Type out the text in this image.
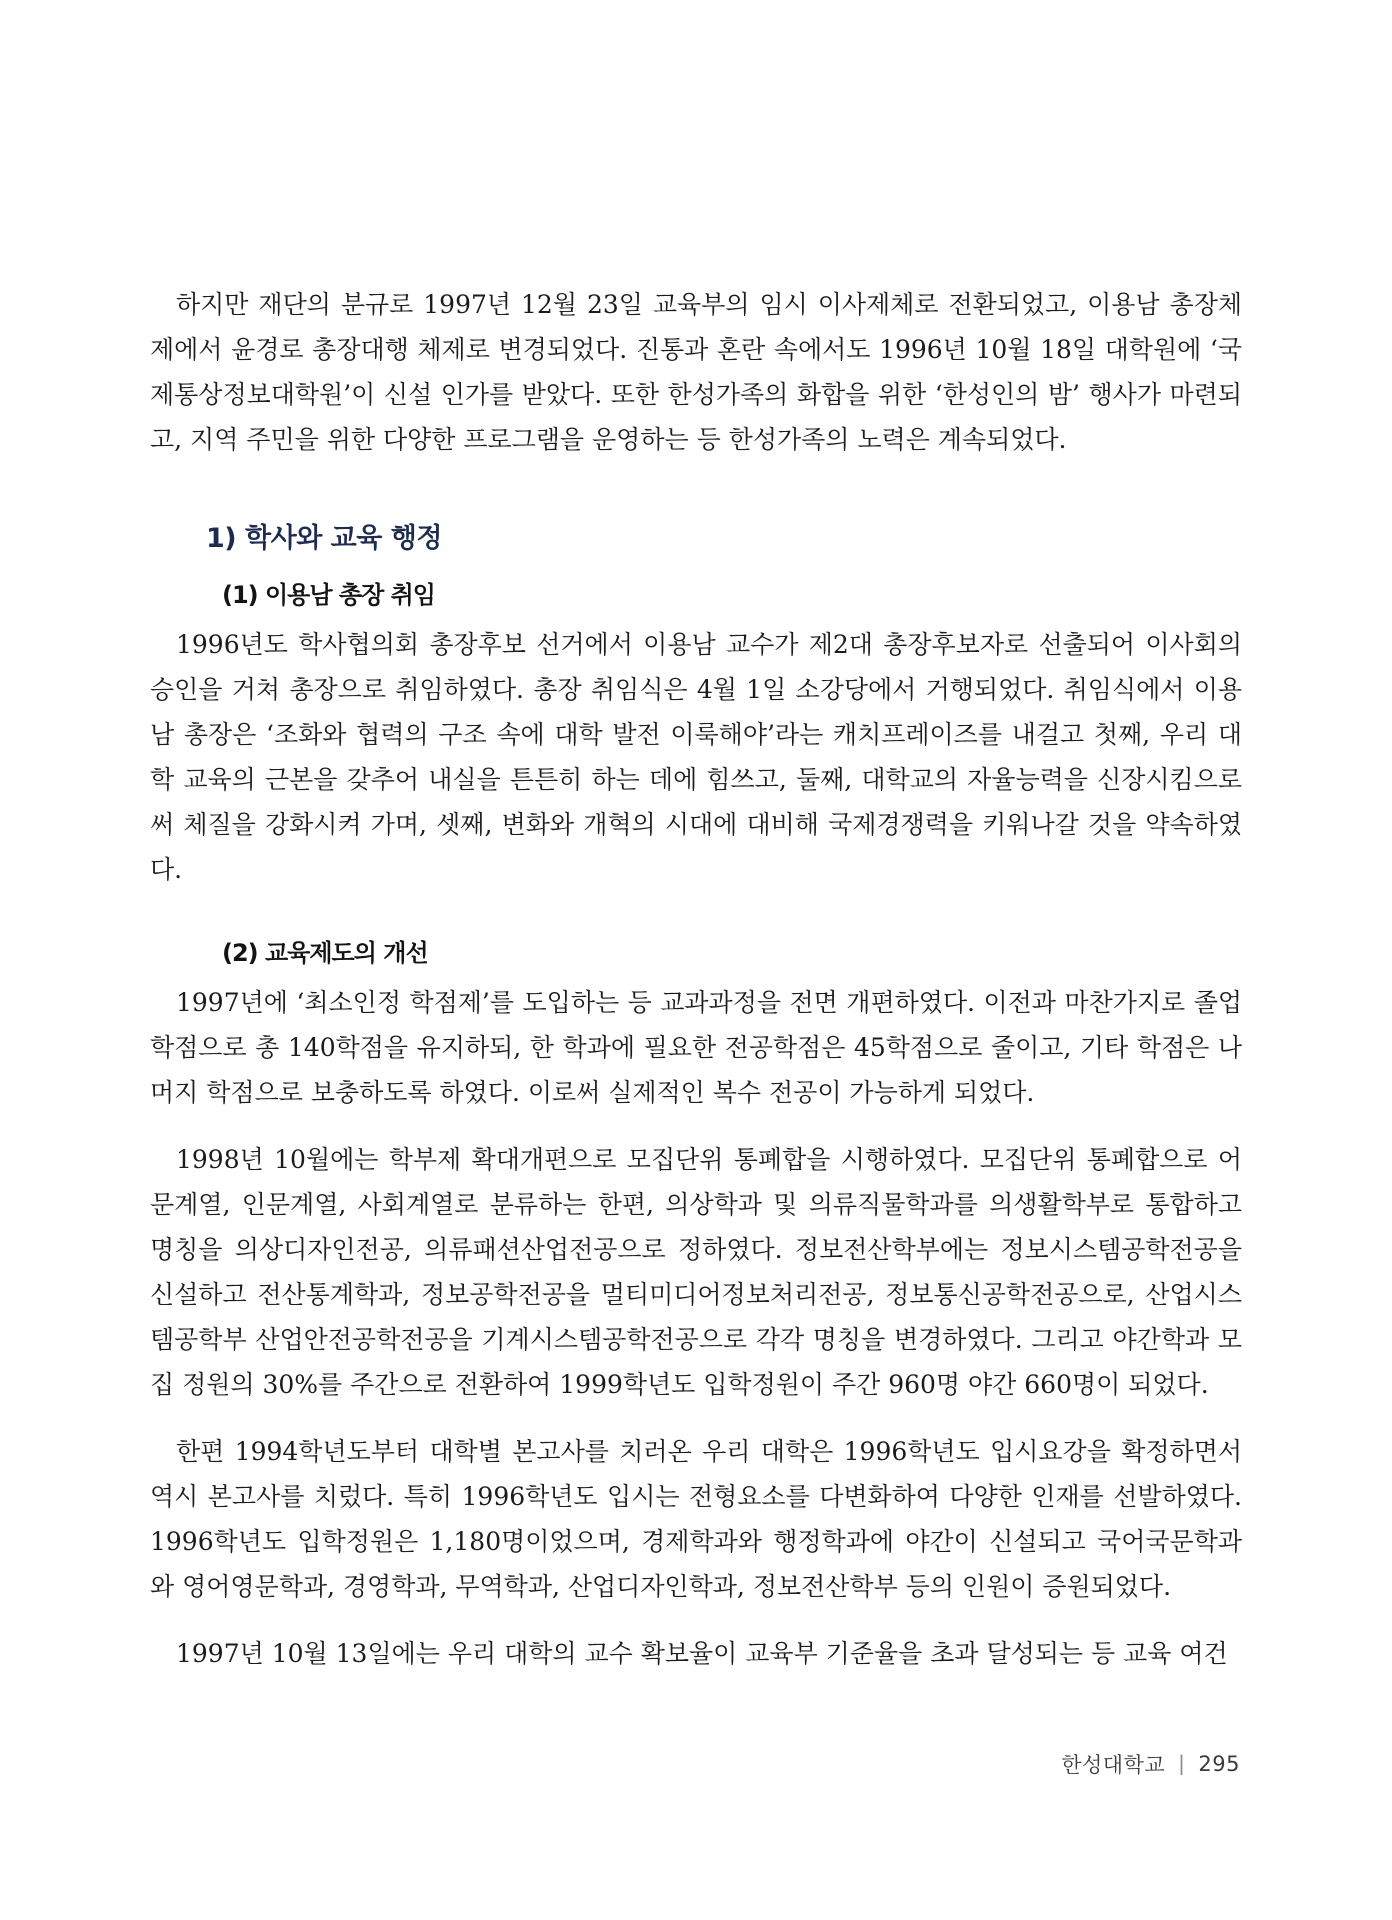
하지만 재단의 분규로 1997년 12월 23일 교육부의 임시 이사제체로 전환되었고, 이용남 총장체제에서 윤경로 총장대행 체제로 변경되었다. 진통과 혼란 속에서도 1996년 10월 18일 대학원에 ‘국제통상정보대학원’이 신설 인가를 받았다. 또한 한성가족의 화합을 위한 ‘한성인의 밤’ 행사가 마련되고, 지역 주민을 위한 다양한 프로그램을 운영하는 등 한성가족의 노력은 계속되었다.

1) 학사와 교육 행정
(1) 이용남 총장 취임

1996년도 학사협의회 총장후보 선거에서 이용남 교수가 제2대 총장후보자로 선출되어 이사회의 승인을 거쳐 총장으로 취임하였다. 총장 취임식은 4월 1일 소강당에서 거행되었다. 취임식에서 이용남 총장은 ‘조화와 협력의 구조 속에 대학 발전 이룩해야’라는 캐치프레이즈를 내걸고 첫째, 우리 대학 교육의 근본을 갖추어 내실을 튼튼히 하는 데에 힘쓰고, 둘째, 대학교의 자율능력을 신장시킴으로써 체질을 강화시켜 가며, 셋째, 변화와 개혁의 시대에 대비해 국제경쟁력을 키워나갈 것을 약속하였다.

(2) 교육제도의 개선

1997년에 ‘최소인정 학점제’를 도입하는 등 교과과정을 전면 개편하였다. 이전과 마찬가지로 졸업 학점으로 총 140학점을 유지하되, 한 학과에 필요한 전공학점은 45학점으로 줄이고, 기타 학점은 나머지 학점으로 보충하도록 하였다. 이로써 실제적인 복수 전공이 가능하게 되었다.

1998년 10월에는 학부제 확대개편으로 모집단위 통폐합을 시행하였다. 모집단위 통폐합으로 어문계열, 인문계열, 사회계열로 분류하는 한편, 의상학과 및 의류직물학과를 의생활학부로 통합하고 명칭을 의상디자인전공, 의류패션산업전공으로 정하였다. 정보전산학부에는 정보시스템공학전공을 신설하고 전산통계학과, 정보공학전공을 멀티미디어정보처리전공, 정보통신공학전공으로, 산업시스템공학부 산업안전공학전공을 기계시스템공학전공으로 각각 명칭을 변경하였다. 그리고 야간학과 모집 정원의 30%를 주간으로 전환하여 1999학년도 입학정원이 주간 960명 야간 660명이 되었다.

한편 1994학년도부터 대학별 본고사를 치러온 우리 대학은 1996학년도 입시요강을 확정하면서 역시 본고사를 치렀다. 특히 1996학년도 입시는 전형요소를 다변화하여 다양한 인재를 선발하였다. 1996학년도 입학정원은 1,180명이었으며, 경제학과와 행정학과에 야간이 신설되고 국어국문학과와 영어영문학과, 경영학과, 무역학과, 산업디자인학과, 정보전산학부 등의 인원이 증원되었다.

1997년 10월 13일에는 우리 대학의 교수 확보율이 교육부 기준율을 초과 달성되는 등 교육 여건

한성대학교 | 295
